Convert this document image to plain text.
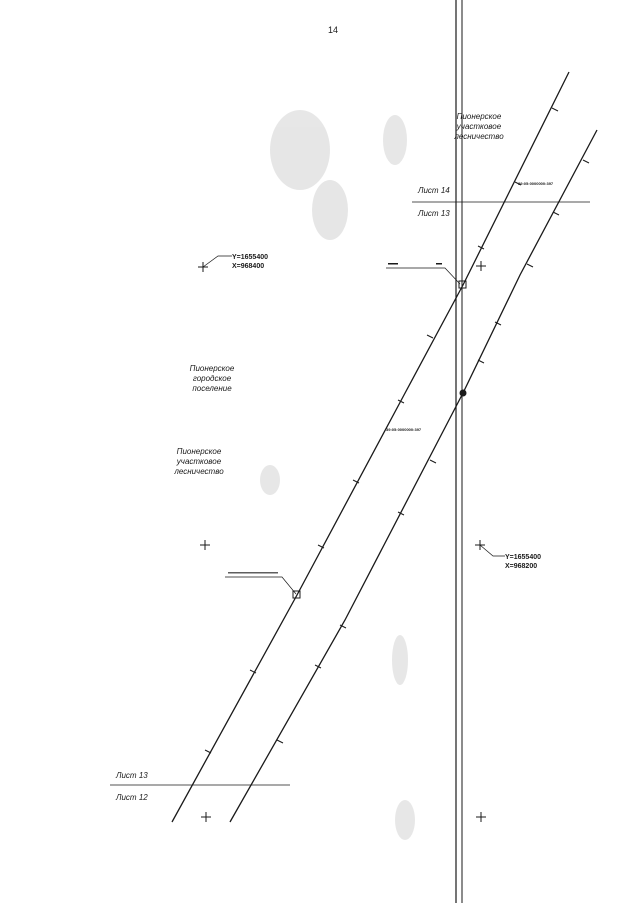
14
Лист 14
Лист 13
Лист 13
Лист 12
Пионерское
участковое
лесничество
Пионерское
городское
поселение
Пионерское
участковое
лесничество
Y=1655400
X=968400
Y=1655400
X=968200
39:05:0000000:397
39:05:0000000:397
